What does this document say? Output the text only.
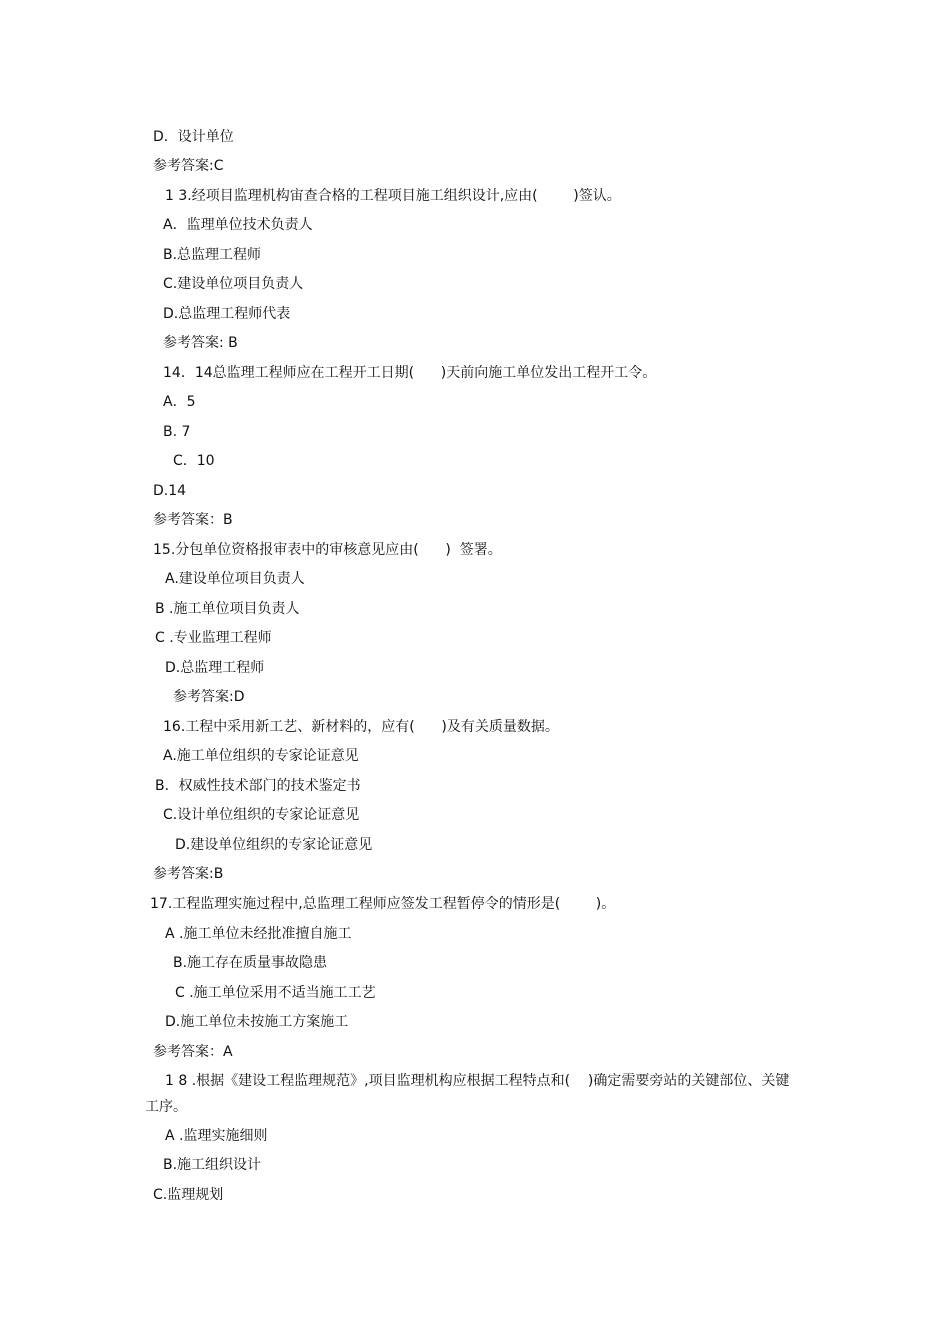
D．设计单位

参考答案:C

1 3.经项目监理机构宙查合格的工程项目施工组织设计,应由(        )签认。

A．监理单位技术负责人

B.总监理工程师

C.建设单位项目负责人

D.总监理工程师代表

参考答案: B

14．14总监理工程师应在工程开工日期(      )天前向施工单位发出工程开工令。

A．5

B. 7

C．10

D.14

参考答案：B

15.分包单位资格报审表中的审核意见应由(      )  签署。

A.建设单位项目负责人

B .施工单位项目负责人

C .专业监理工程师

D.总监理工程师

参考答案:D

16.工程中采用新工艺、新材料的，应有(      )及有关质量数据。

A.施工单位组织的专家论证意见

B．权威性技术部门的技术鉴定书

C.设计单位组织的专家论证意见

D.建设单位组织的专家论证意见

参考答案:B

17.工程监理实施过程中,总监理工程师应签发工程暂停令的情形是(        )。

A .施工单位未经批准擅自施工

B.施工存在质量事故隐患

C .施工单位采用不适当施工工艺

D.施工单位未按施工方案施工

参考答案：A

1 8 .根据《建设工程监理规范》,项目监理机构应根据工程特点和(    )确定需要旁站的关键部位、关键

工序。

A .监理实施细则

B.施工组织设计

C.监理规划
